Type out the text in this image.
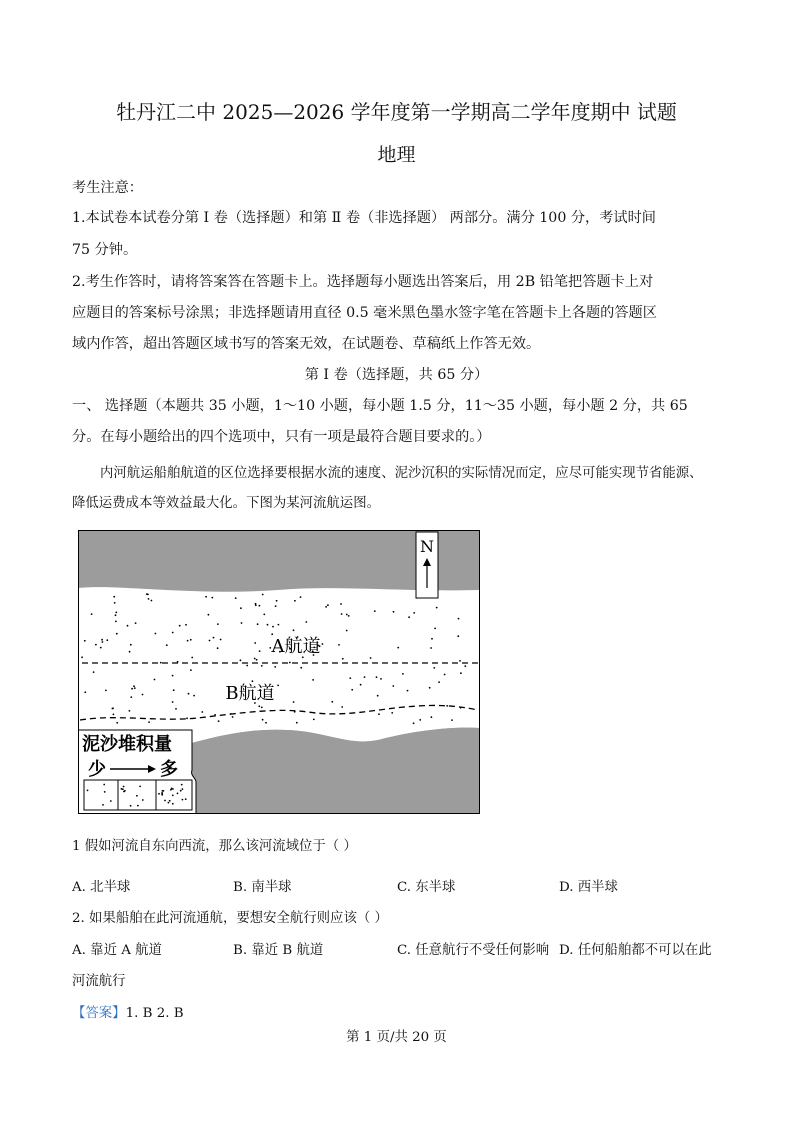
牡丹江二中 2025—2026 学年度第一学期高二学年度期中 试题
地理
考生注意：
1.本试卷本试卷分第 Ⅰ 卷（选择题）和第 Ⅱ 卷（非选择题） 两部分。满分 100 分，考试时间
75 分钟。
2.考生作答时，请将答案答在答题卡上。选择题每小题选出答案后，用 2B 铅笔把答题卡上对
应题目的答案标号涂黑；非选择题请用直径 0.5 毫米黑色墨水签字笔在答题卡上各题的答题区
域内作答，超出答题区域书写的答案无效，在试题卷、草稿纸上作答无效。
第 Ⅰ 卷（选择题，共 65 分）
一、 选择题（本题共 35 小题，1～10 小题，每小题 1.5 分，11～35 小题，每小题 2 分，共 65
分。在每小题给出的四个选项中，只有一项是最符合题目要求的。）
内河航运船舶航道的区位选择要根据水流的速度、泥沙沉积的实际情况而定，应尽可能实现节省能源、
降低运费成本等效益最大化。下图为某河流航运图。
A航道
B航道
N
泥沙堆积量
少	多
1 假如河流自东向西流，那么该河流域位于（ ）
A. 北半球	B. 南半球	C. 东半球	D. 西半球
2. 如果船舶在此河流通航，要想安全航行则应该（ ）
A. 靠近 A 航道	B. 靠近 B 航道	C. 任意航行不受任何影响 D. 任何船舶都不可以在此
河流航行
【答案】1. B 2. B
第 1 页/共 20 页
